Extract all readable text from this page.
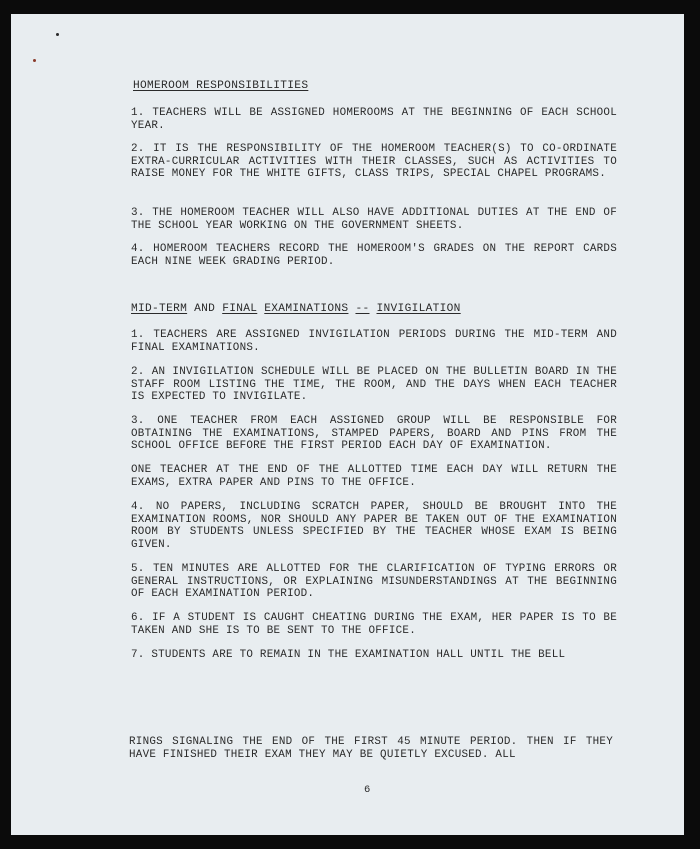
HOMEROOM RESPONSIBILITIES
1. TEACHERS WILL BE ASSIGNED HOMEROOMS AT THE BEGINNING OF EACH SCHOOL YEAR.
2. IT IS THE RESPONSIBILITY OF THE HOMEROOM TEACHER(S) TO CO-ORDINATE EXTRA-CURRICULAR ACTIVITIES WITH THEIR CLASSES, SUCH AS ACTIVITIES TO RAISE MONEY FOR THE WHITE GIFTS, CLASS TRIPS, SPECIAL CHAPEL PROGRAMS.
3. THE HOMEROOM TEACHER WILL ALSO HAVE ADDITIONAL DUTIES AT THE END OF THE SCHOOL YEAR WORKING ON THE GOVERNMENT SHEETS.
4. HOMEROOM TEACHERS RECORD THE HOMEROOM'S GRADES ON THE REPORT CARDS EACH NINE WEEK GRADING PERIOD.
MID-TERM AND FINAL EXAMINATIONS -- INVIGILATION
1. TEACHERS ARE ASSIGNED INVIGILATION PERIODS DURING THE MID-TERM AND FINAL EXAMINATIONS.
2. AN INVIGILATION SCHEDULE WILL BE PLACED ON THE BULLETIN BOARD IN THE STAFF ROOM LISTING THE TIME, THE ROOM, AND THE DAYS WHEN EACH TEACHER IS EXPECTED TO INVIGILATE.
3. ONE TEACHER FROM EACH ASSIGNED GROUP WILL BE RESPONSIBLE FOR OBTAINING THE EXAMINATIONS, STAMPED PAPERS, BOARD AND PINS FROM THE SCHOOL OFFICE BEFORE THE FIRST PERIOD EACH DAY OF EXAMINATION.
ONE TEACHER AT THE END OF THE ALLOTTED TIME EACH DAY WILL RETURN THE EXAMS, EXTRA PAPER AND PINS TO THE OFFICE.
4. NO PAPERS, INCLUDING SCRATCH PAPER, SHOULD BE BROUGHT INTO THE EXAMINATION ROOMS, NOR SHOULD ANY PAPER BE TAKEN OUT OF THE EXAMINATION ROOM BY STUDENTS UNLESS SPECIFIED BY THE TEACHER WHOSE EXAM IS BEING GIVEN.
5. TEN MINUTES ARE ALLOTTED FOR THE CLARIFICATION OF TYPING ERRORS OR GENERAL INSTRUCTIONS, OR EXPLAINING MISUNDERSTANDINGS AT THE BEGINNING OF EACH EXAMINATION PERIOD.
6. IF A STUDENT IS CAUGHT CHEATING DURING THE EXAM, HER PAPER IS TO BE TAKEN AND SHE IS TO BE SENT TO THE OFFICE.
7. STUDENTS ARE TO REMAIN IN THE EXAMINATION HALL UNTIL THE BELL
RINGS SIGNALING THE END OF THE FIRST 45 MINUTE PERIOD. THEN IF THEY HAVE FINISHED THEIR EXAM THEY MAY BE QUIETLY EXCUSED. ALL
6
